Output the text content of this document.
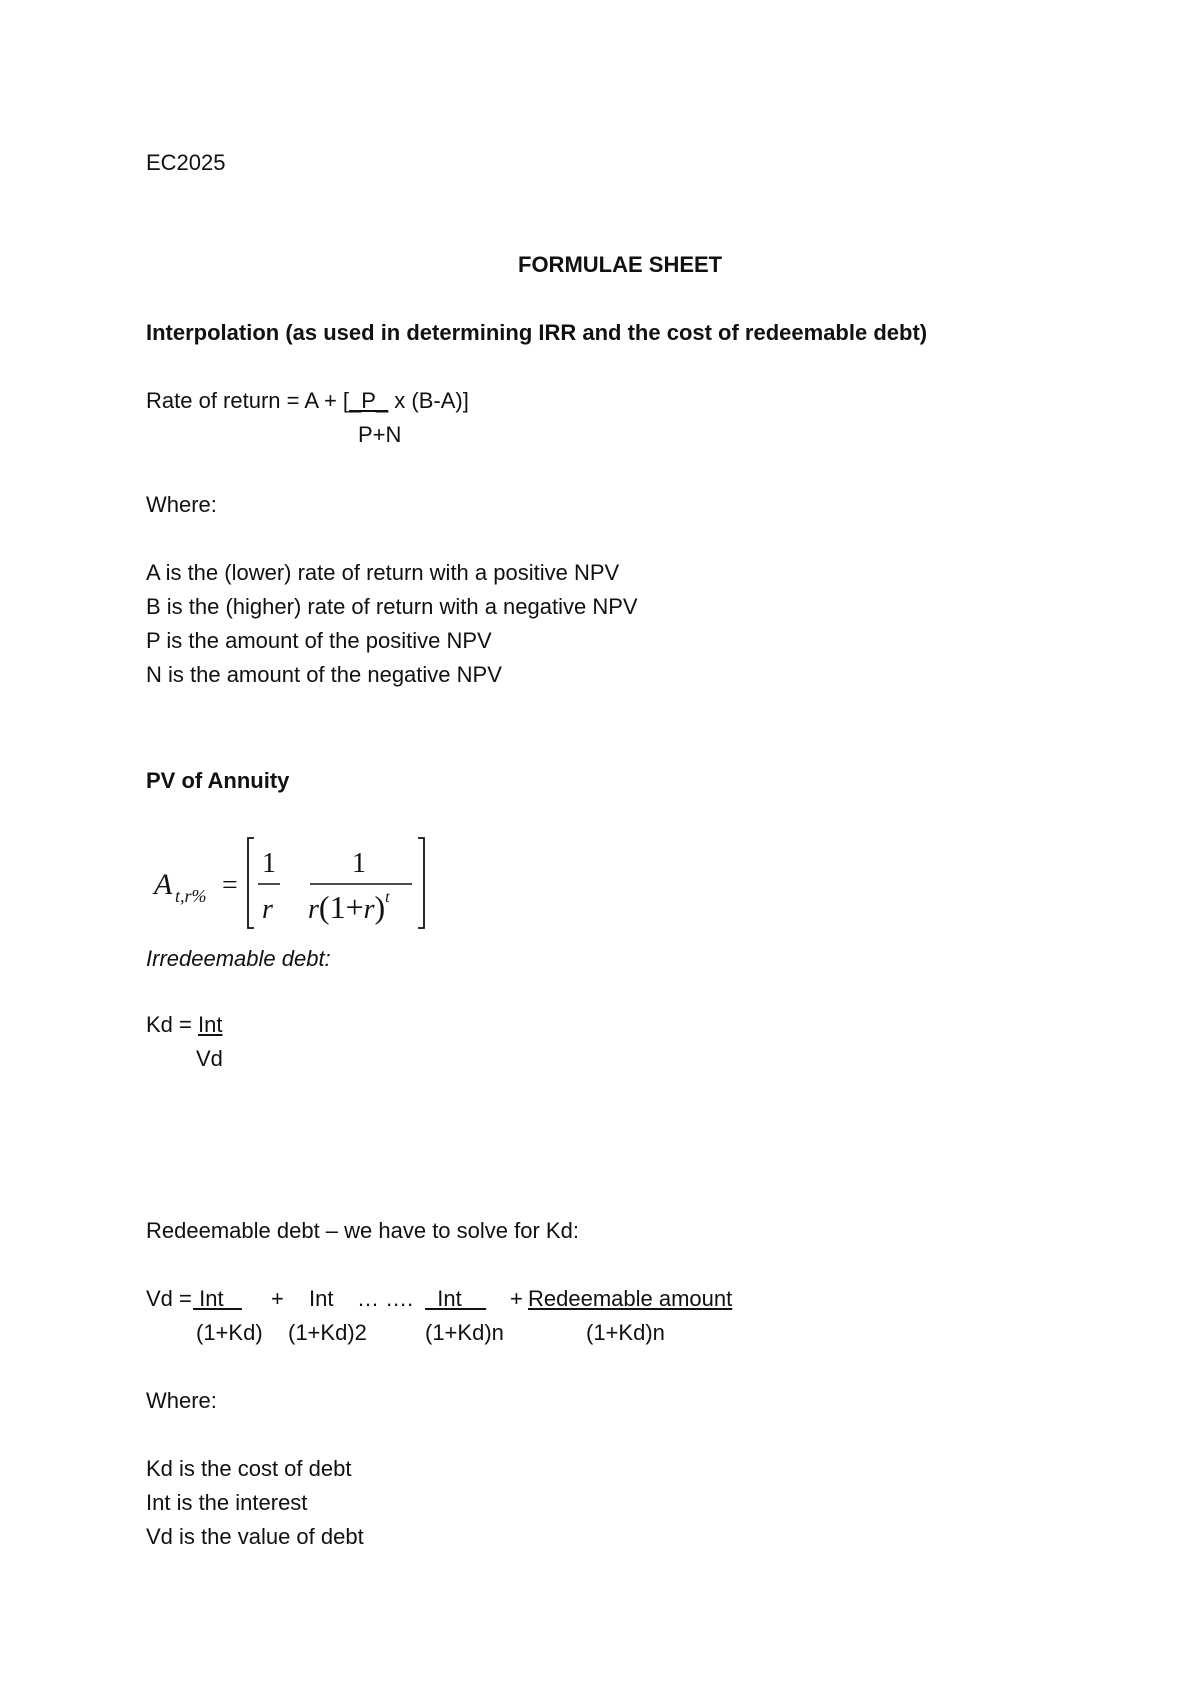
EC2025
FORMULAE SHEET
Interpolation (as used in determining IRR and the cost of redeemable debt)
Rate of return = A + [_P_ x (B-A)]
P+N
Where:
A is the (lower) rate of return with a positive NPV
B is the (higher) rate of return with a negative NPV
P is the amount of the positive NPV
N is the amount of the negative NPV
PV of Annuity
A t,r% =
1
r
1
$r(1+r)^t$
Irredeemable debt:
Kd = Int
Vd
Redeemable debt – we have to solve for Kd:
Vd =
Int + Int … …. Int + Redeemable amount
(1+Kd) (1+Kd)2	(1+Kd)n	(1+Kd)n
Where:
Kd is the cost of debt
Int is the interest
Vd is the value of debt
